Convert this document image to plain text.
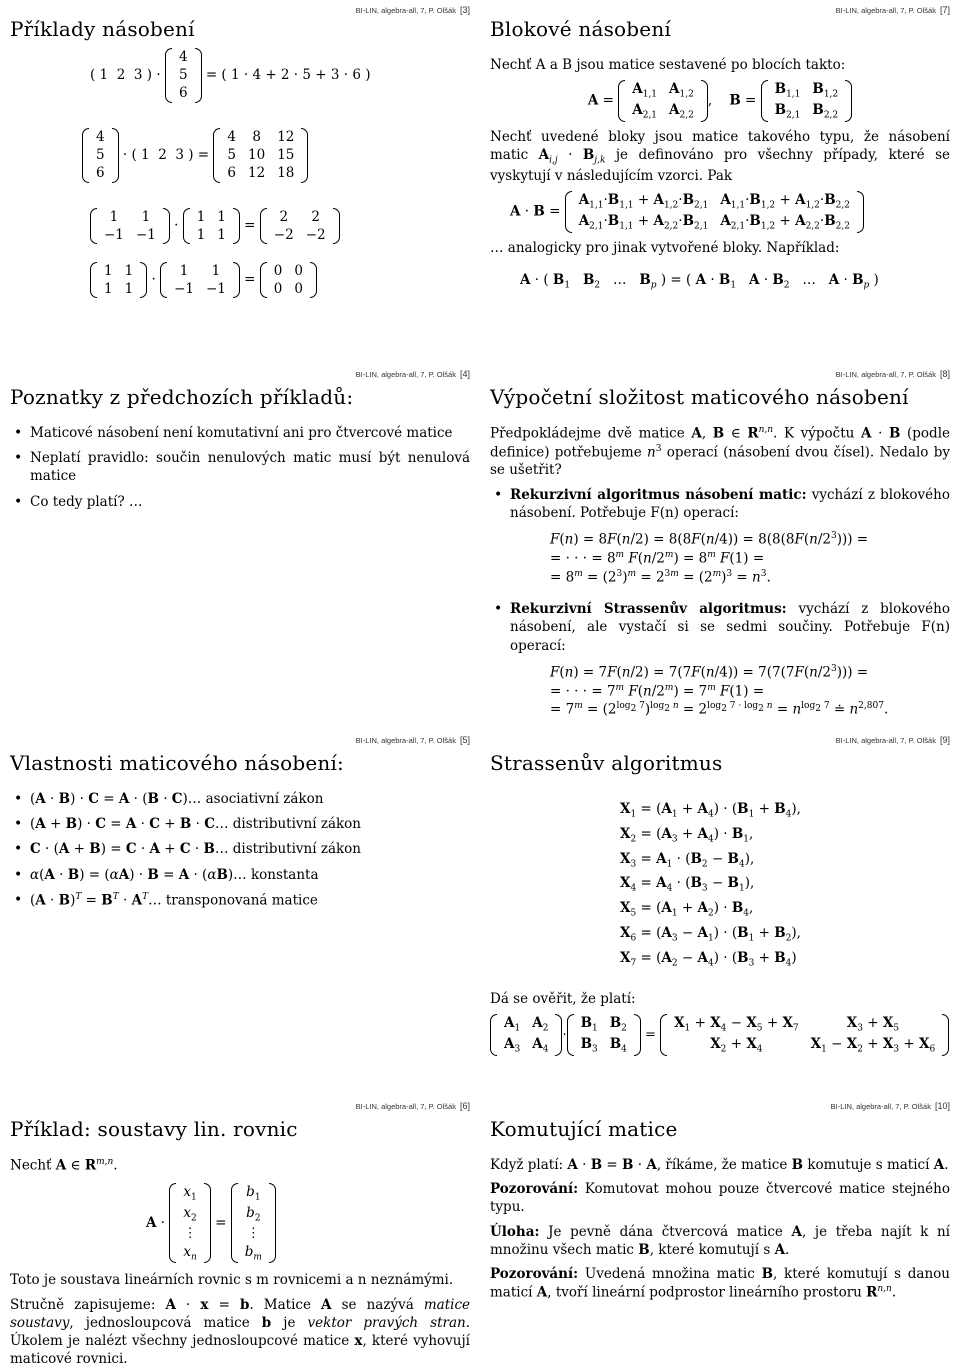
BI-LIN, algebra-all, 7, P. Olšák [3]
Příklady násobení
( 1  2  3 ) ·
4
5
6
= ( 1 · 4 + 2 · 5 + 3 · 6 )
4
5
6
· ( 1  2  3 ) =
4	8	12
5	10	15
6	12	18
1	1
−1	−1
·
1	1
1	1
=
2	2
−2	−2
1	1
1	1
·
1	1
−1	−1
=
0	0
0	0
BI-LIN, algebra-all, 7, P. Olšák [7]
Blokové násobení

Nechť A a B jsou matice sestavené po blocích takto:

A =
$A_{1,1}$	$A_{1,2}$
$A_{2,1}$	$A_{2,2}$
,    B =
$B_{1,1}$	$B_{1,2}$
$B_{2,1}$	$B_{2,2}$

Nechť uvedené bloky jsou matice takového typu, že násobení matic $A_{i,j} \cdot B_{j,k}$ je definováno pro všechny případy, které se vyskytují v následujícím vzorci. Pak

A · B =
$A_{1,1}\cdot B_{1,1} + A_{1,2}\cdot B_{2,1}$	$A_{1,1}\cdot B_{1,2} + A_{1,2}\cdot B_{2,2}$
$A_{2,1}\cdot B_{1,1} + A_{2,2}\cdot B_{2,1}$	$A_{2,1}\cdot B_{1,2} + A_{2,2}\cdot B_{2,2}$

… analogicky pro jinak vytvořené bloky. Například:

A · ( $B_1$ $B_2$   …   $B_p$ ) = ( $A \cdot B_1$ $A \cdot B_2$   …   $A \cdot B_p$ )
BI-LIN, algebra-all, 7, P. Olšák [4]
Poznatky z předchozích příkladů:
• Maticové násobení není komutativní ani pro čtvercové matice
• Neplatí pravidlo: součin nenulových matic musí být nenulová matice
• Co tedy platí? …
BI-LIN, algebra-all, 7, P. Olšák [8]
Výpočetní složitost maticového násobení

Předpokládejme dvě matice A, B ∈ R$^{n,n}$. K výpočtu A · B (podle definice) potřebujeme $n^3$ operací (násobení dvou čísel). Nedalo by se ušetřit?

• Rekurzivní algoritmus násobení matic: vychází z blokového násobení. Potřebuje F(n) operací:
$F(n) = 8F(n/2) = 8(8F(n/4)) = 8(8(8F(n/2^3)))$ =
= · · · = $8^m$ $F(n/2^m) = 8^m$ F(1) =
= $8^m = (2^3)^m = 2^{3m} = (2^m)^3 = n^3$.
• Rekurzivní Strassenův algoritmus: vychází z blokového násobení, ale vystačí si se sedmi součiny. Potřebuje F(n) operací:
$F(n) = 7F(n/2) = 7(7F(n/4)) = 7(7(7F(n/2^3)))$ =
= · · · = $7^m$ $F(n/2^m) = 7^m$ F(1) =
= $7^m = (2^{log_2 7})^{log_2 n} = 2^{log_2 7 \cdot log_2 n} = n^{log_2 7}$ ≐ $n^{2,807}$.
BI-LIN, algebra-all, 7, P. Olšák [5]
Vlastnosti maticového násobení:
• (A · B) · C = A · (B · C)… asociativní zákon
• (A + B) · C = A · C + B · C… distributivní zákon
• C · (A + B) = C · A + C · B… distributivní zákon
• α(A · B) = (αA) · B = A · (αB)… konstanta
• $(A \cdot B)^T = B^T$ · $A^T\dots$ transponovaná matice
BI-LIN, algebra-all, 7, P. Olšák [9]
Strassenův algoritmus
$X_1 = (A_1 + A_4) \cdot (B_1 + B_4)$,
$X_2 = (A_3 + A_4) \cdot B_1$,
$X_3 = A_1 \cdot (B_2 - B_4)$,
$X_4 = A_4 \cdot (B_3 - B_1)$,
$X_5 = (A_1 + A_2) \cdot B_4$,
$X_6 = (A_3 - A_1) \cdot (B_1 + B_2)$,
$X_7 = (A_2 - A_4) \cdot (B_3 + B_4)$

Dá se ověřit, že platí:

$A_1$	$A_2$
$A_3$	$A_4$
·
$B_1$	$B_2$
$B_3$	$B_4$
=
$X_1 + X_4 - X_5 + X_7$	$X_3 + X_5$
$X_2 + X_4$	$X_1 - X_2 + X_3 + X_6$
BI-LIN, algebra-all, 7, P. Olšák [6]
Příklad: soustavy lin. rovnic

Nechť A ∈ R$^{m,n}$.

A ·
$x_1$
$x_2$
⋮
$x_n$
=
$b_1$
$b_2$
⋮
$b_m$

Toto je soustava lineárních rovnic s m rovnicemi a n neznámými.

Stručně zapisujeme: A · x = b. Matice A se nazývá matice soustavy, jednosloupcová matice b je vektor pravých stran. Úkolem je nalézt všechny jednosloupcové matice x, které vyhovují maticové rovnici.

BI-LIN, algebra-all, 7, P. Olšák [10]
Komutující matice

Když platí: A · B = B · A, říkáme, že matice B komutuje s maticí A.

Pozorování: Komutovat mohou pouze čtvercové matice stejného typu.

Úloha: Je pevně dána čtvercová matice A, je třeba najít k ní množinu všech matic B, které komutují s A.

Pozorování: Uvedená množina matic B, které komutují s danou maticí A, tvoří lineární podprostor lineárního prostoru R$^{n,n}$.
